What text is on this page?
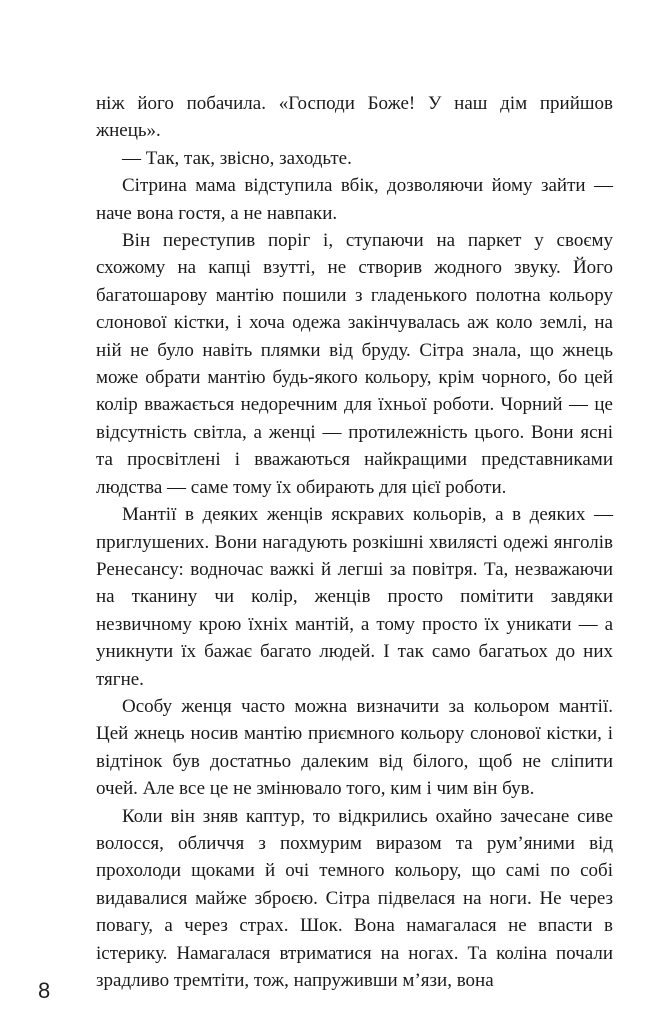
ніж його побачила. «Господи Боже! У наш дім прийшов жнець».

— Так, так, звісно, заходьте.

Сітрина мама відступила вбік, дозволяючи йому зайти — наче вона гостя, а не навпаки.

Він переступив поріг і, ступаючи на паркет у своєму схожому на капці взутті, не створив жодного звуку. Його багатошарову мантію пошили з гладенького полотна кольору слонової кістки, і хоча одежа закінчувалась аж коло землі, на ній не було навіть плямки від бруду. Сітра знала, що жнець може обрати мантію будь-якого кольору, крім чорного, бо цей колір вважається недоречним для їхньої роботи. Чорний — це відсутність світла, а женці — протилежність цього. Вони ясні та просвітлені і вважаються найкращими представниками людства — саме тому їх обирають для цієї роботи.

Мантії в деяких женців яскравих кольорів, а в деяких — приглушених. Вони нагадують розкішні хвилясті одежі янголів Ренесансу: водночас важкі й легші за повітря. Та, незважаючи на тканину чи колір, женців просто помітити завдяки незвичному крою їхніх мантій, а тому просто їх уникати — а уникнути їх бажає багато людей. І так само багатьох до них тягне.

Особу женця часто можна визначити за кольором мантії. Цей жнець носив мантію приємного кольору слонової кістки, і відтінок був достатньо далеким від білого, щоб не сліпити очей. Але все це не змінювало того, ким і чим він був.

Коли він зняв каптур, то відкрились охайно зачесане сиве волосся, обличчя з похмурим виразом та рум’яними від прохолоди щоками й очі темного кольору, що самі по собі видавалися майже зброєю. Сітра підвелася на ноги. Не через повагу, а через страх. Шок. Вона намагалася не впасти в істерику. Намагалася втриматися на ногах. Та коліна почали зрадливо тремтіти, тож, напруживши м’язи, вона

8
